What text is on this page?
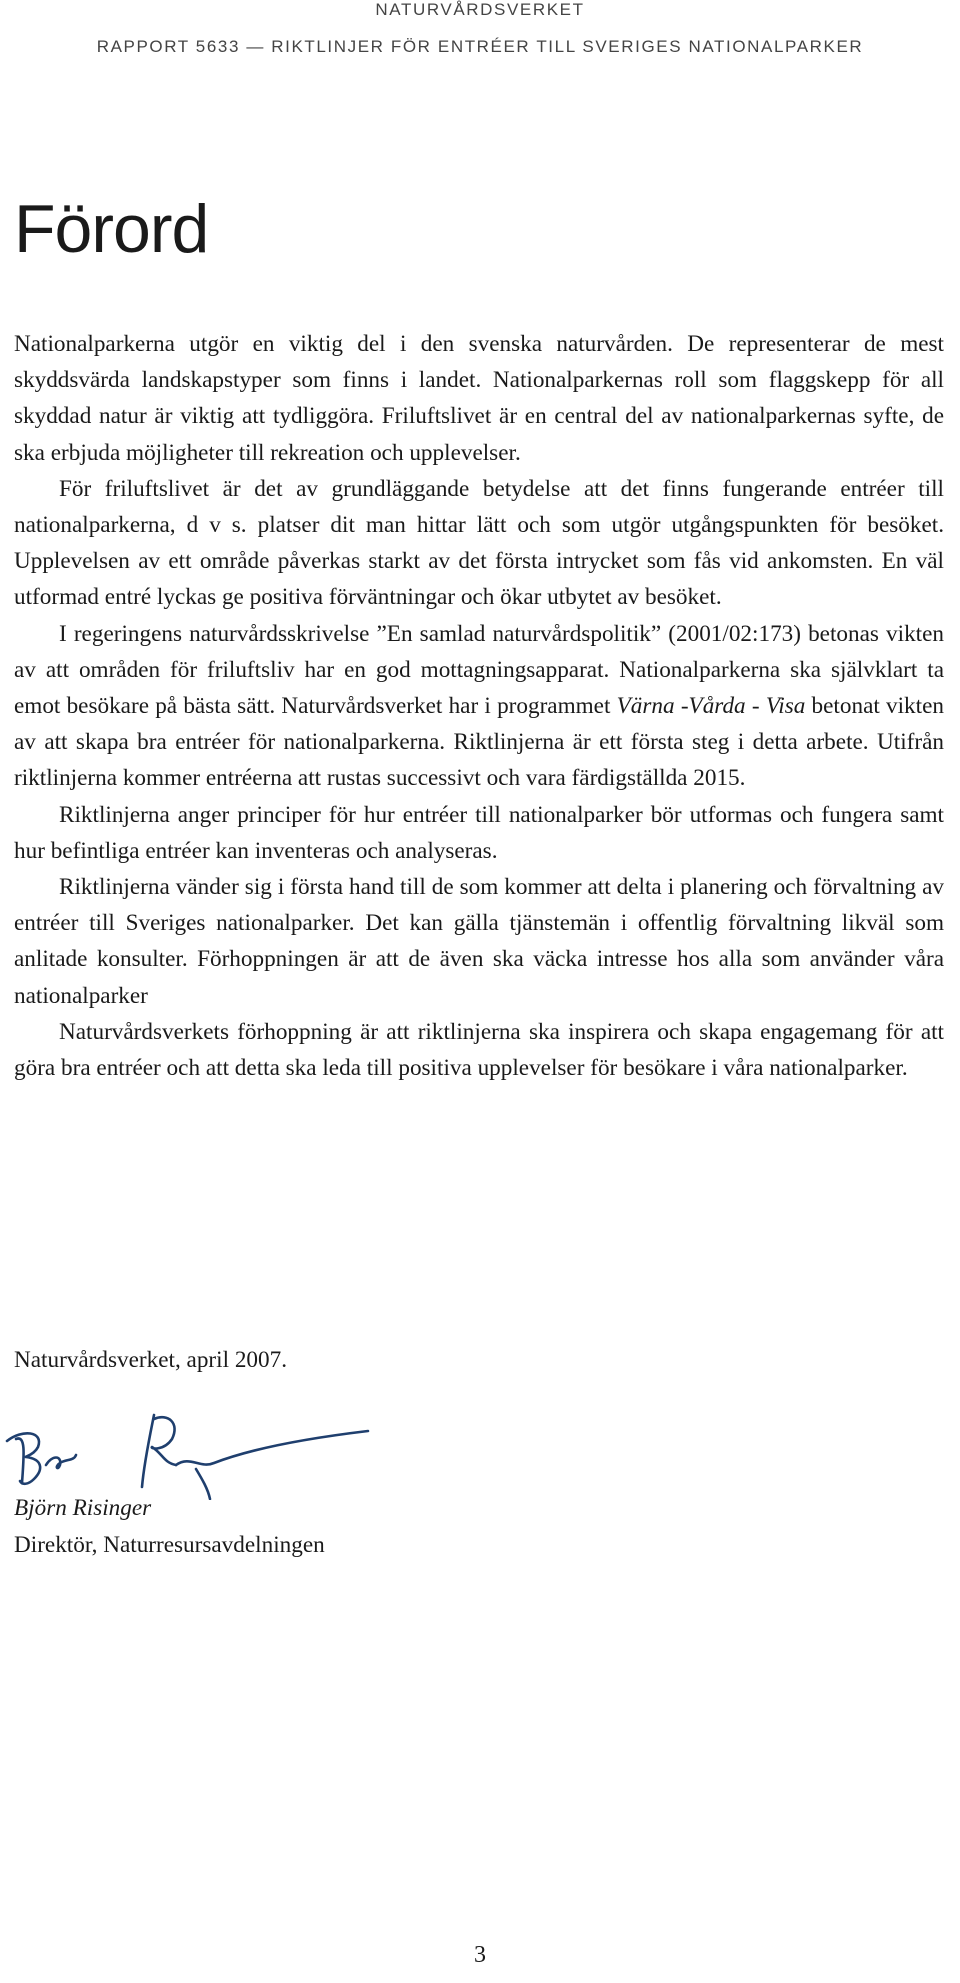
NATURVÅRDSVERKET
RAPPORT 5633 — RIKTLINJER FÖR ENTRÉER TILL SVERIGES NATIONALPARKER
Förord

Nationalparkerna utgör en viktig del i den svenska naturvården. De representerar de mest skyddsvärda landskapstyper som finns i landet. Nationalparkernas roll som flaggskepp för all skyddad natur är viktig att tydliggöra. Friluftslivet är en central del av nationalparkernas syfte, de ska erbjuda möjligheter till rekreation och upplevelser.

För friluftslivet är det av grundläggande betydelse att det finns fungerande entréer till nationalparkerna, d v s. platser dit man hittar lätt och som utgör utgångspunkten för besöket. Upplevelsen av ett område påverkas starkt av det första intrycket som fås vid ankomsten. En väl utformad entré lyckas ge positiva förväntningar och ökar utbytet av besöket.

I regeringens naturvårdsskrivelse ”En samlad naturvårdspolitik” (2001/02:173) betonas vikten av att områden för friluftsliv har en god mottagningsapparat. Nationalparkerna ska självklart ta emot besökare på bästa sätt. Naturvårdsverket har i programmet Värna -Vårda - Visa betonat vikten av att skapa bra entréer för nationalparkerna. Riktlinjerna är ett första steg i detta arbete. Utifrån riktlinjerna kommer entréerna att rustas successivt och vara färdigställda 2015.

Riktlinjerna anger principer för hur entréer till nationalparker bör utformas och fungera samt hur befintliga entréer kan inventeras och analyseras.

Riktlinjerna vänder sig i första hand till de som kommer att delta i planering och förvaltning av entréer till Sveriges nationalparker. Det kan gälla tjänstemän i offentlig förvaltning likväl som anlitade konsulter. Förhoppningen är att de även ska väcka intresse hos alla som använder våra nationalparker

Naturvårdsverkets förhoppning är att riktlinjerna ska inspirera och skapa engagemang för att göra bra entréer och att detta ska leda till positiva upplevelser för besökare i våra nationalparker.

Naturvårdsverket, april 2007.

Björn Risinger

Direktör, Naturresursavdelningen

3
